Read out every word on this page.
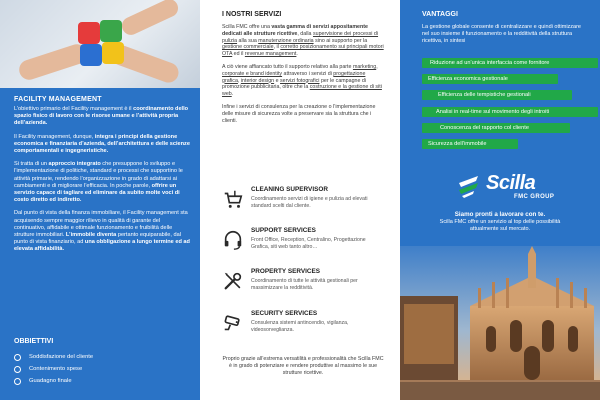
FACILITY MANAGEMENT

L’obiettivo primario del Facility management è il coordinamento dello spazio fisico di lavoro con le risorse umane e l’attività propria dell’azienda.

Il Facility management, dunque, integra i principi della gestione economica e finanziaria d’azienda, dell’architettura e delle scienze comportamentali e ingegneristiche.

Si tratta di un approccio integrato che presuppone lo sviluppo e l’implementazione di politiche, standard e processi che supportino le attività primarie, rendendo l’organizzazione in grado di adattarsi ai cambiamenti e di migliorare l’efficacia. In poche parole, offrire un servizio capace di tagliare ed eliminare da subito molte voci di costo diretto ed indiretto.

Dal punto di vista della finanza immobiliare, il Facility management sta acquisendo sempre maggior rilievo in qualità di garante del continuativo, affidabile e ottimale funzionamento e fruibilità delle strutture immobiliari. L’immobile diventa pertanto equiparabile, dal punto di vista finanziario, ad una obbligazione a lungo termine ed ad elevata affidabilità.

OBBIETTIVI
Soddisfazione del cliente
Contenimento spese
Guadagno finale
I NOSTRI SERVIZI

Scilla FMC offre una vasta gamma di servizi appositamente dedicati alle strutture ricettive, dalla supervisione dei processi di pulizia alla sua manutenzione ordinaria sino ai supporto per la gestione commerciale, il corretto posizionamento sui principali motori OTA ed il revenue management.

A ciò viene affiancato tutto il supporto relativo alla parte marketing, corporate e brand identity attraverso i servizi di progettazione grafica, interior design e servizi fotografici per le campagne di promozione pubblicitaria, oltre che la costruzione e la gestione di siti web.

Infine i servizi di consulenza per la creazione o l’implementazione delle misure di sicurezza volte a preservare sia la struttura che i clienti.

CLEANING SUPERVISOR
Coordinamento servizi di igiene e pulizia ad elevati standard scelti dal cliente.
SUPPORT SERVICES
Front Office, Reception, Centralino, Progettazione Grafica, siti web tanto altro…
PROPERTY SERVICES
Coordinamento di tutte le attività gestionali per massimizzare la redditività.
SECURITY SERVICES
Consulenza sistemi antincendio, vigilanza, videosorveglianza.
Proprio grazie all’estrema versatilità e professionalità che Scilla FMC è in grado di potenziare e rendere produttive al massimo le sue strutture ricettive.
VANTAGGI
La gestione globale consente di centralizzare e quindi ottimizzare nel suo insieme il funzionamento e la redditività della struttura ricettiva, in sintesi
Riduzione ad un’unica interfaccia come fornitore
Efficienza economica gestionale
Efficienza delle tempistiche gestionali
Analisi in real-time sul movimento degli introiti
Conoscenza del rapporto col cliente
Sicurezza dell’immobile
Scilla
FMC GROUP
Siamo pronti a lavorare con te.
Scilla FMC offre un servizio al top delle possibilità attualmente sul mercato.
